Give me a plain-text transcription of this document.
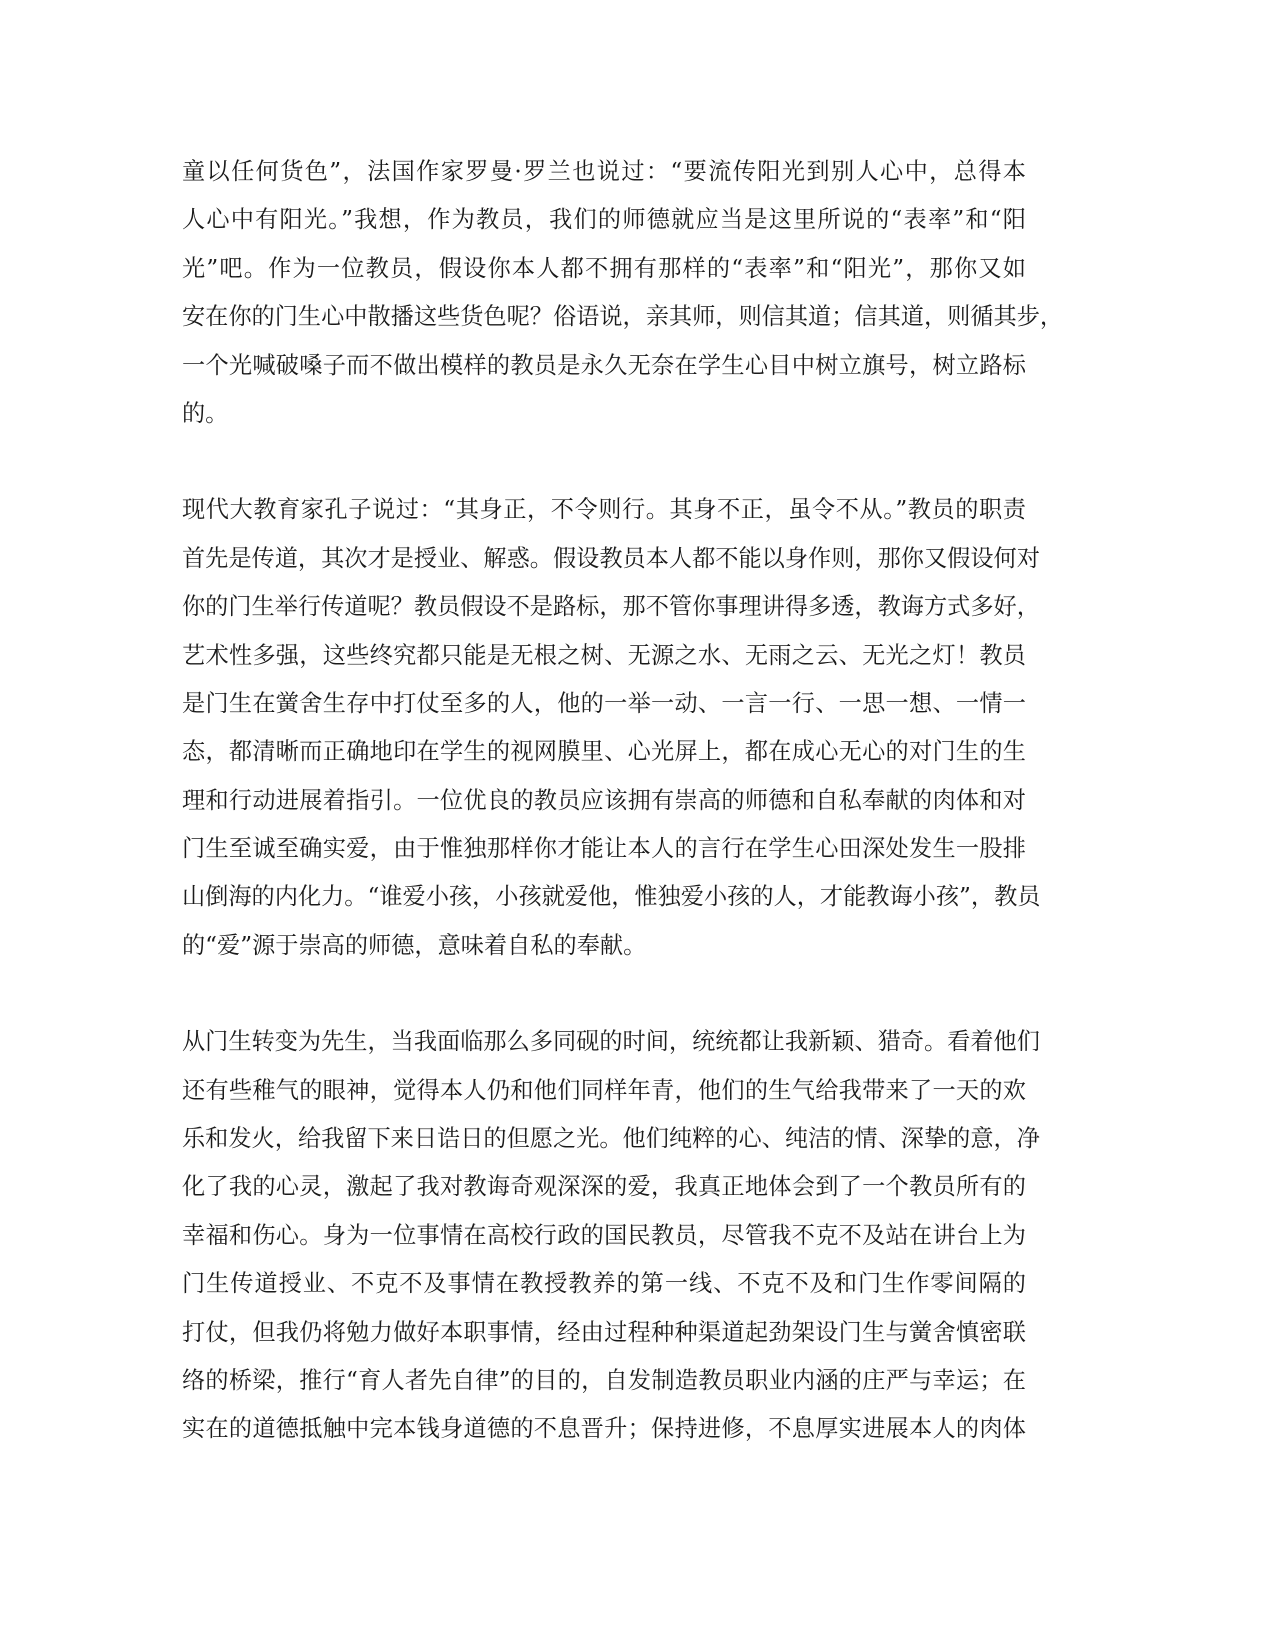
童以任何货色”，法国作家罗曼·罗兰也说过：“要流传阳光到别人心中，总得本
人心中有阳光。”我想，作为教员，我们的师德就应当是这里所说的“表率”和“阳
光”吧。作为一位教员，假设你本人都不拥有那样的“表率”和“阳光”，那你又如
安在你的门生心中散播这些货色呢？俗语说，亲其师，则信其道；信其道，则循其步，
一个光喊破嗓子而不做出模样的教员是永久无奈在学生心目中树立旗号，树立路标
的。
现代大教育家孔子说过：“其身正，不令则行。其身不正，虽令不从。”教员的职责
首先是传道，其次才是授业、解惑。假设教员本人都不能以身作则，那你又假设何对
你的门生举行传道呢？教员假设不是路标，那不管你事理讲得多透，教诲方式多好，
艺术性多强，这些终究都只能是无根之树、无源之水、无雨之云、无光之灯！教员
是门生在黉舍生存中打仗至多的人，他的一举一动、一言一行、一思一想、一情一
态，都清晰而正确地印在学生的视网膜里、心光屏上，都在成心无心的对门生的生
理和行动进展着指引。一位优良的教员应该拥有崇高的师德和自私奉献的肉体和对
门生至诚至确实爱，由于惟独那样你才能让本人的言行在学生心田深处发生一股排
山倒海的内化力。“谁爱小孩，小孩就爱他，惟独爱小孩的人，才能教诲小孩”，教员
的“爱”源于崇高的师德，意味着自私的奉献。
从门生转变为先生，当我面临那么多同砚的时间，统统都让我新颖、猎奇。看着他们
还有些稚气的眼神，觉得本人仍和他们同样年青，他们的生气给我带来了一天的欢
乐和发火，给我留下来日诰日的但愿之光。他们纯粹的心、纯洁的情、深挚的意，净
化了我的心灵，激起了我对教诲奇观深深的爱，我真正地体会到了一个教员所有的
幸福和伤心。身为一位事情在高校行政的国民教员，尽管我不克不及站在讲台上为
门生传道授业、不克不及事情在教授教养的第一线、不克不及和门生作零间隔的
打仗，但我仍将勉力做好本职事情，经由过程种种渠道起劲架设门生与黉舍慎密联
络的桥梁，推行“育人者先自律”的目的，自发制造教员职业内涵的庄严与幸运；在
实在的道德抵触中完本钱身道德的不息晋升；保持进修，不息厚实进展本人的肉体
